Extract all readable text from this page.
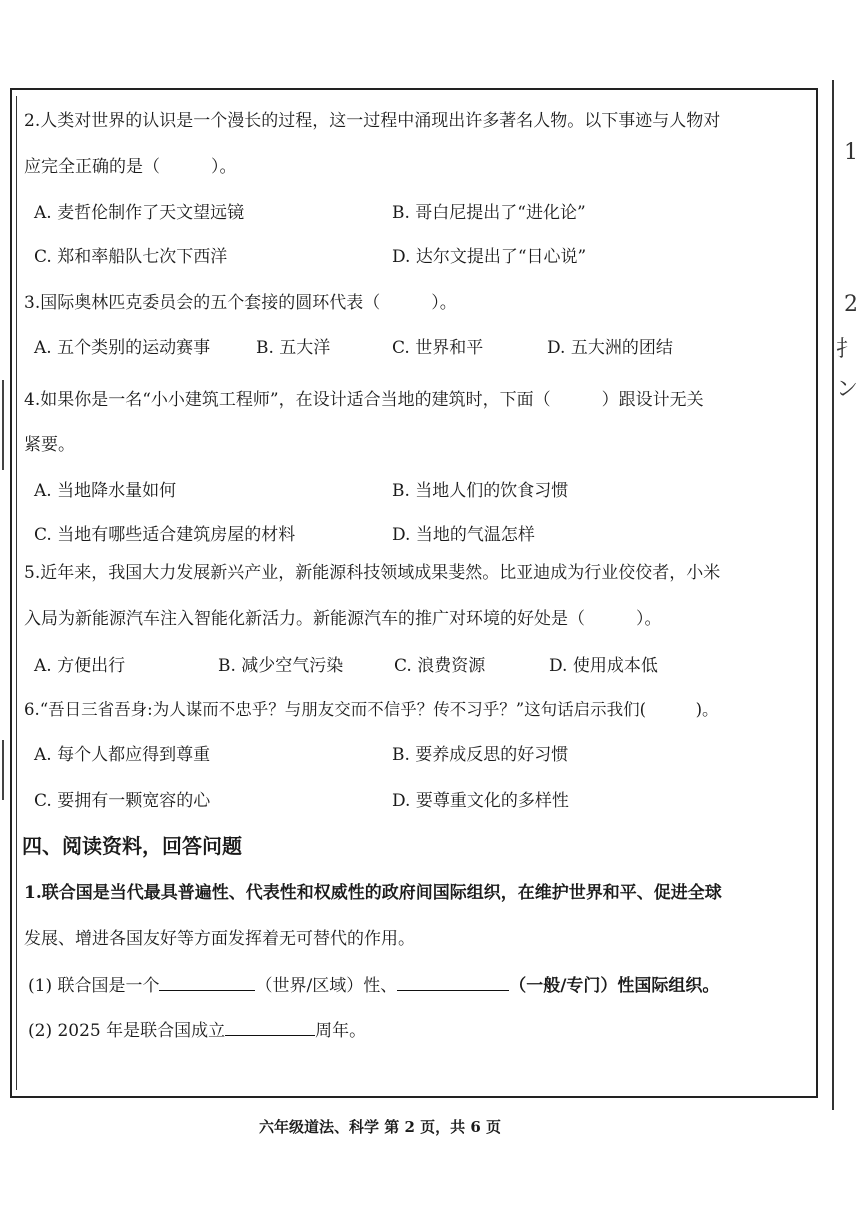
2.人类对世界的认识是一个漫长的过程，这一过程中涌现出许多著名人物。以下事迹与人物对
应完全正确的是（　　　）。
A. 麦哲伦制作了天文望远镜	B. 哥白尼提出了“进化论”
C. 郑和率船队七次下西洋	D. 达尔文提出了“日心说”
3.国际奥林匹克委员会的五个套接的圆环代表（　　　）。
A. 五个类别的运动赛事	B. 五大洋	C. 世界和平	D. 五大洲的团结
4.如果你是一名“小小建筑工程师”，在设计适合当地的建筑时，下面（　　　）跟设计无关
紧要。
A. 当地降水量如何	B. 当地人们的饮食习惯
C. 当地有哪些适合建筑房屋的材料	D. 当地的气温怎样
5.近年来，我国大力发展新兴产业，新能源科技领域成果斐然。比亚迪成为行业佼佼者，小米
入局为新能源汽车注入智能化新活力。新能源汽车的推广对环境的好处是（　　　）。
A. 方便出行	B. 减少空气污染	C. 浪费资源	D. 使用成本低
6.“吾日三省吾身:为人谋而不忠乎？与朋友交而不信乎？传不习乎？”这句话启示我们(　　　)。
A. 每个人都应得到尊重	B. 要养成反思的好习惯
C. 要拥有一颗宽容的心	D. 要尊重文化的多样性
四、阅读资料，回答问题
1.联合国是当代最具普遍性、代表性和权威性的政府间国际组织，在维护世界和平、促进全球
发展、增进各国友好等方面发挥着无可替代的作用。
(1) 联合国是一个	（世界/区域）性、	（一般/专门）性国际组织。
(2) 2025 年是联合国成立	周年。
六年级道法、科学 第 2 页，共 6 页
1
2
扌
ン
